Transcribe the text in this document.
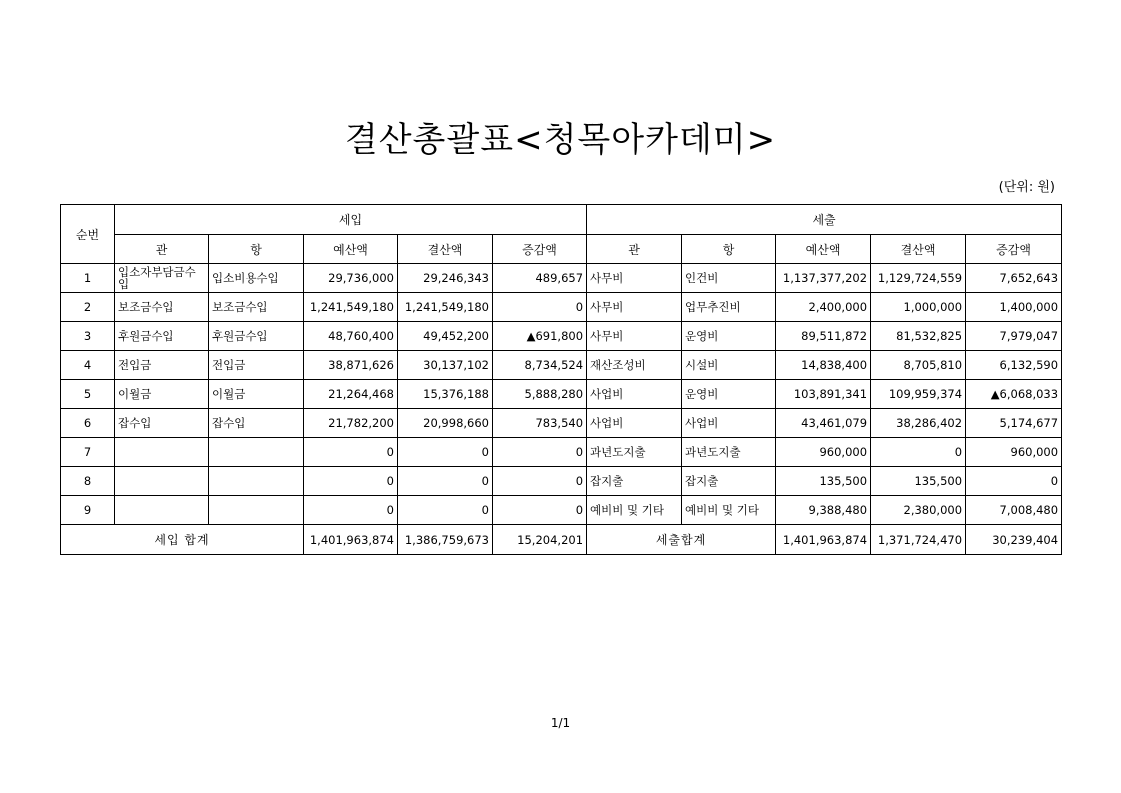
결산총괄표<청목아카데미>
(단위: 원)
순번	세입					세출				
	관	항	예산액	결산액	증감액	관	항	예산액	결산액	증감액
1	입소자부담금수입	입소비용수입	29,736,000	29,246,343	489,657	사무비	인건비	1,137,377,202	1,129,724,559	7,652,643
2	보조금수입	보조금수입	1,241,549,180	1,241,549,180	0	사무비	업무추진비	2,400,000	1,000,000	1,400,000
3	후원금수입	후원금수입	48,760,400	49,452,200	▲691,800	사무비	운영비	89,511,872	81,532,825	7,979,047
4	전입금	전입금	38,871,626	30,137,102	8,734,524	재산조성비	시설비	14,838,400	8,705,810	6,132,590
5	이월금	이월금	21,264,468	15,376,188	5,888,280	사업비	운영비	103,891,341	109,959,374	▲6,068,033
6	잡수입	잡수입	21,782,200	20,998,660	783,540	사업비	사업비	43,461,079	38,286,402	5,174,677
7			0	0	0	과년도지출	과년도지출	960,000	0	960,000
8			0	0	0	잡지출	잡지출	135,500	135,500	0
9			0	0	0	예비비 및 기타	예비비 및 기타	9,388,480	2,380,000	7,008,480
세입 합계			1,401,963,874	1,386,759,673	15,204,201	세출합계		1,401,963,874	1,371,724,470	30,239,404
1/1
